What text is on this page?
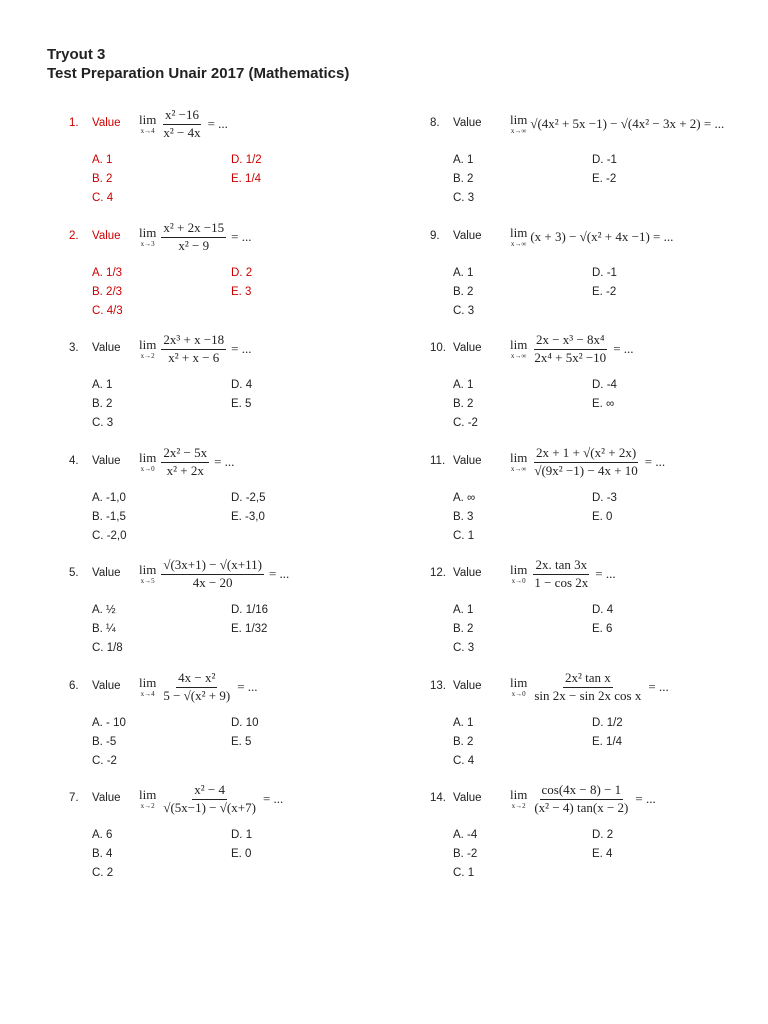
Tryout 3
Test Preparation Unair 2017 (Mathematics)
1. Value lim
$x\to 4 \frac{\text{x² −16}}{\text{x² − 4x}}$ = ...
A. 1
B. 2
C. 4
D. 1/2
E. 1/4
2. Value lim
$x\to 3 \frac{\text{x² + 2x −15}}{\text{x² − 9}}$ = ...
A. 1/3
B. 2/3
C. 4/3
D. 2
E. 3
3. Value lim
$x\to 2 \frac{\text{2x³ + x −18}}{\text{x² + x − 6}}$ = ...
A. 1
B. 2
C. 3
D. 4
E. 5
4. Value lim
$x\to 0 \frac{\text{2x² − 5x}}{\text{x² + 2x}}$ = ...
A. -1,0
B. -1,5
C. -2,0
D. -2,5
E. -3,0
5. Value lim
$x\to 5 \frac{√(3x+1) - √(x+11)}{4x - 20}$ = ...
A. ½
B. ¼
C. 1/8
D. 1/16
E. 1/32
6. Value lim
$x\to 4 \frac{\text{4x − x²}}{\text{5 − √(x² + 9)}}$ = ...
A. - 10
B. -5
C. -2
D. 10
E. 5
7. Value lim
$x\to 2 \frac{\text{x² − 4}}{√(5x-1) - √(x+7)}$ = ...
A. 6
B. 4
C. 2
D. 1
E. 0
8. Value lim
x→∞ √(4x² + 5x −1) − √(4x² − 3x + 2) = ...
A. 1
B. 2
C. 3
D. -1
E. -2
9. Value lim
x→∞ (x + 3) − √(x² + 4x −1) = ...
A. 1
B. 2
C. 3
D. -1
E. -2
10. Value lim
$x\to\infty \frac{\text{2x − x³ − 8x⁴}}{\text{2x⁴ + 5x² −10}}$ = ...
A. 1
B. 2
C. -2
D. -4
E. ∞
11. Value lim
$x\to\infty \frac{\text{2x + 1 + √(x² + 2x)}}{\text{√(9x² −1) − 4x + 10}}$ = ...
A. ∞
B. 3
C. 1
D. -3
E. 0
12. Value lim
$x\to 0 \frac{2x. \tan 3x}{1 - \cos 2x}$ = ...
A. 1
B. 2
C. 3
D. 4
E. 6
13. Value lim
$x\to 0 \frac{\text{2x² tan x}}{\text{sin 2x − sin 2x cos x}}$ = ...
A. 1
B. 2
C. 4
D. 1/2
E. 1/4
14. Value lim
$x\to 2 \frac{\cos(4x - 8) - 1}{\text{(x² − 4) tan(x − 2)}}$ = ...
A. -4
B. -2
C. 1
D. 2
E. 4
